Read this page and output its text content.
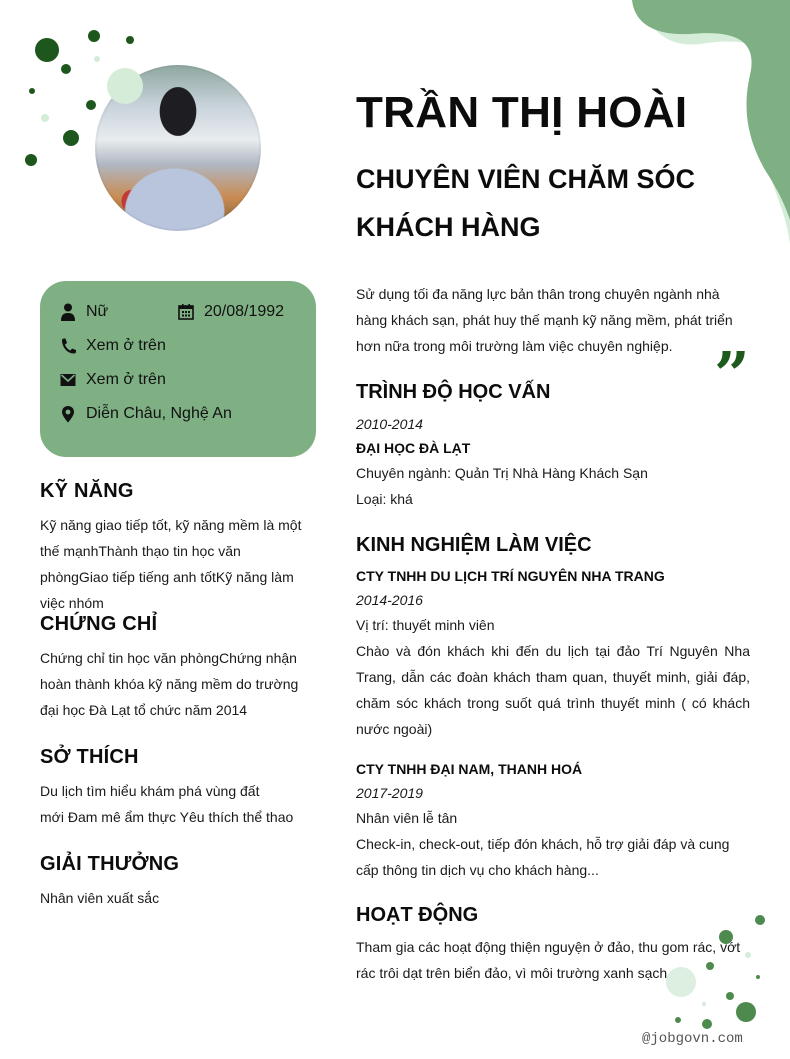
TRẦN THỊ HOÀI
CHUYÊN VIÊN CHĂM SÓC
KHÁCH HÀNG
Nữ	20/08/1992
Xem ở trên
Xem ở trên
Diễn Châu, Nghệ An
KỸ NĂNG
Kỹ năng giao tiếp tốt, kỹ năng mềm là một thế mạnhThành thạo tin học văn phòngGiao tiếp tiếng anh tốtKỹ năng làm việc nhóm
CHỨNG CHỈ
Chứng chỉ tin học văn phòngChứng nhận hoàn thành khóa kỹ năng mềm do trường đại học Đà Lạt tổ chức năm 2014
SỞ THÍCH
Du lịch tìm hiểu khám phá vùng đất
mới Đam mê ẩm thực Yêu thích thể thao
GIẢI THƯỞNG
Nhân viên xuất sắc
Sử dụng tối đa năng lực bản thân trong chuyên ngành nhà hàng khách sạn, phát huy thế mạnh kỹ năng mềm, phát triển hơn nữa trong môi trường làm việc chuyên nghiệp. ”
TRÌNH ĐỘ HỌC VẤN
2010-2014
ĐẠI HỌC ĐÀ LẠT
Chuyên ngành: Quản Trị Nhà Hàng Khách Sạn
Loại: khá
KINH NGHIỆM LÀM VIỆC
CTY TNHH DU LỊCH TRÍ NGUYÊN NHA TRANG
2014-2016
Vị trí: thuyết minh viên
Chào và đón khách khi đến du lịch tại đảo Trí Nguyên Nha Trang, dẫn các đoàn khách tham quan, thuyết minh, giải đáp, chăm sóc khách trong suốt quá trình thuyết minh ( có khách nước ngoài)
CTY TNHH ĐẠI NAM, THANH HOÁ
2017-2019
Nhân viên lễ tân
Check-in, check-out, tiếp đón khách, hỗ trợ giải đáp và cung cấp thông tin dịch vụ cho khách hàng...
HOẠT ĐỘNG
Tham gia các hoạt động thiện nguyện ở đảo, thu gom rác, vớt rác trôi dạt trên biển đảo, vì môi trường xanh sạch
@jobgovn.com
